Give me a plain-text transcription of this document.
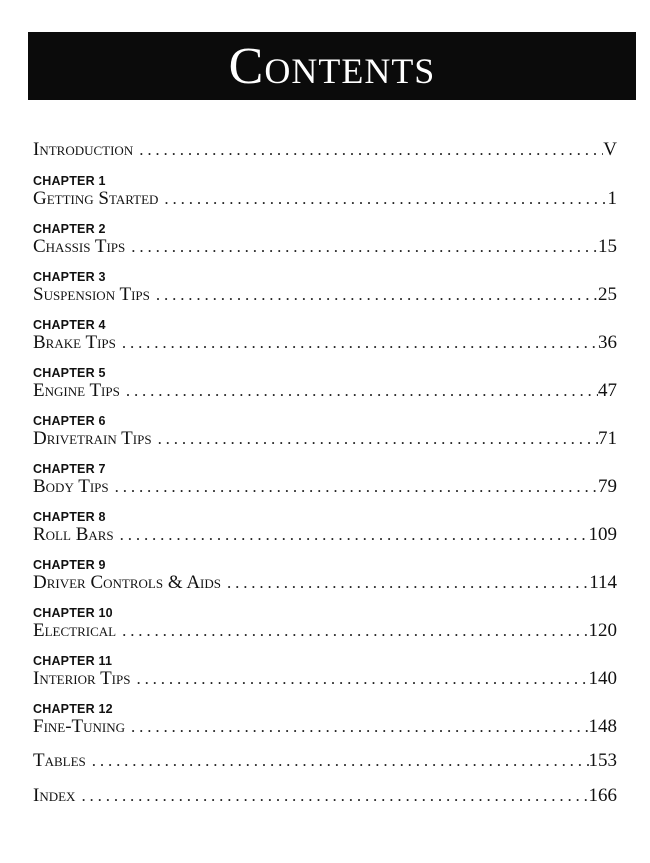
Contents
Introduction . . .	V
CHAPTER 1
Getting Started . . .	1
CHAPTER 2
Chassis Tips . . .	15
CHAPTER 3
Suspension Tips . . .	25
CHAPTER 4
Brake Tips . . .	36
CHAPTER 5
Engine Tips . . .	47
CHAPTER 6
Drivetrain Tips . . .	71
CHAPTER 7
Body Tips . . .	79
CHAPTER 8
Roll Bars . . .	109
CHAPTER 9
Driver Controls & Aids . . .	114
CHAPTER 10
Electrical . . .	120
CHAPTER 11
Interior Tips . . .	140
CHAPTER 12
Fine-Tuning . . .	148
Tables . . .	153
Index . . .	166
